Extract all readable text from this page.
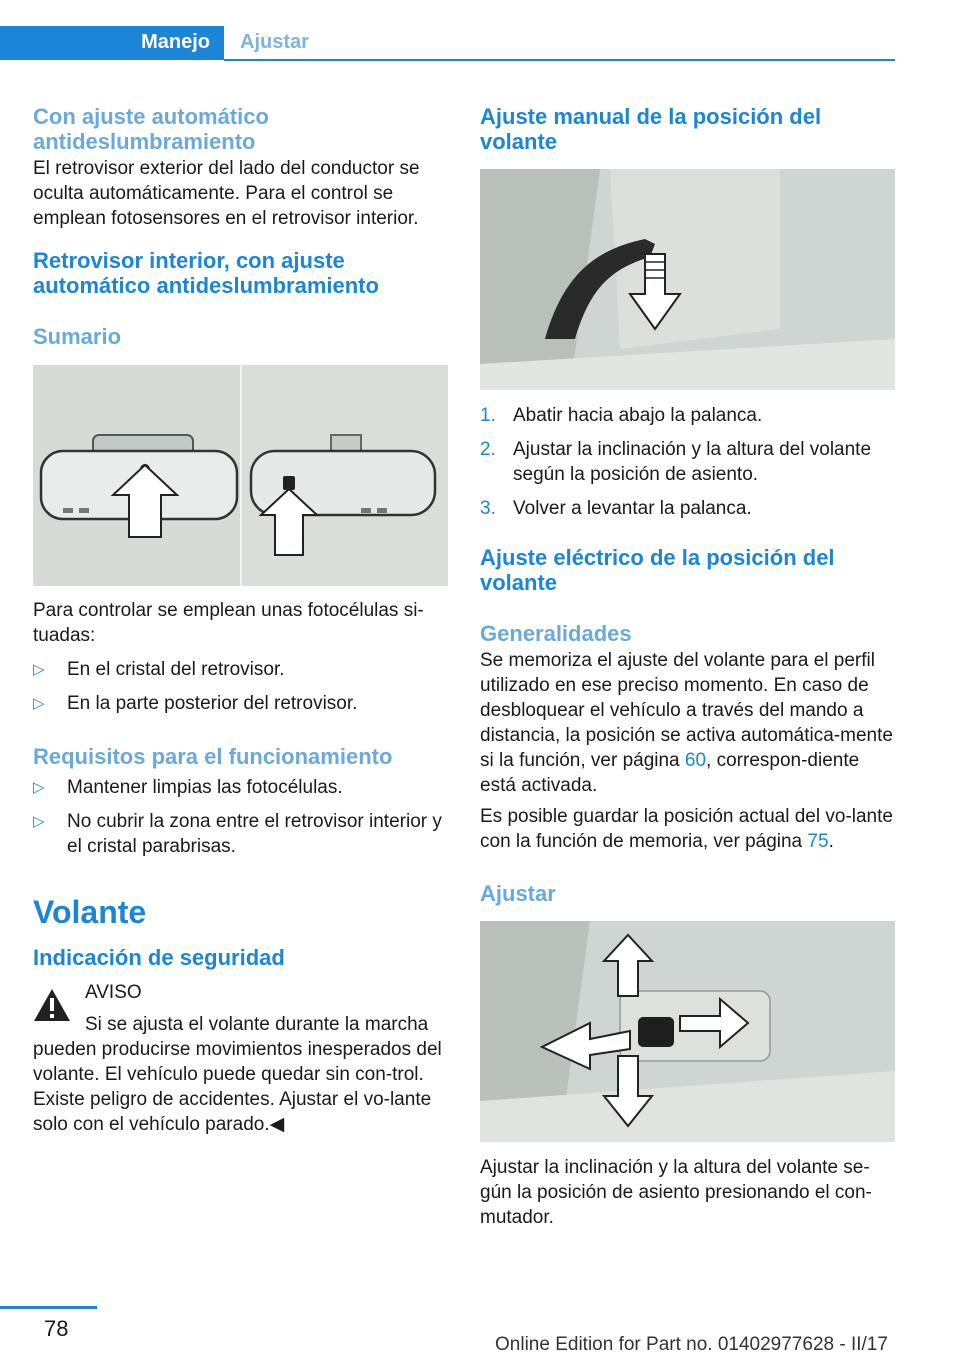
Manejo Ajustar
Con ajuste automático antideslumbramiento

El retrovisor exterior del lado del conductor se oculta automáticamente. Para el control se emplean fotosensores en el retrovisor interior.

Retrovisor interior, con ajuste automático antideslumbramiento
Sumario

Para controlar se emplean unas fotocélulas si‐tuadas:

▷ En el cristal del retrovisor.
▷ En la parte posterior del retrovisor.
Requisitos para el funcionamiento
▷ Mantener limpias las fotocélulas.
▷ No cubrir la zona entre el retrovisor interior y el cristal parabrisas.
Volante
Indicación de seguridad

AVISO

Si se ajusta el volante durante la marcha pueden producirse movimientos inesperados del volante. El vehículo puede quedar sin con‐trol. Existe peligro de accidentes. Ajustar el vo‐lante solo con el vehículo parado.◀

Ajuste manual de la posición del volante
1. Abatir hacia abajo la palanca.
2. Ajustar la inclinación y la altura del volante según la posición de asiento.
3. Volver a levantar la palanca.
Ajuste eléctrico de la posición del volante
Generalidades

Se memoriza el ajuste del volante para el perfil utilizado en ese preciso momento. En caso de desbloquear el vehículo a través del mando a distancia, la posición se activa automática‐mente si la función, ver página 60, correspon‐diente está activada.

Es posible guardar la posición actual del vo‐lante con la función de memoria, ver página 75.

Ajustar

Ajustar la inclinación y la altura del volante se‐gún la posición de asiento presionando el con‐mutador.

78
Online Edition for Part no. 01402977628 - II/17
